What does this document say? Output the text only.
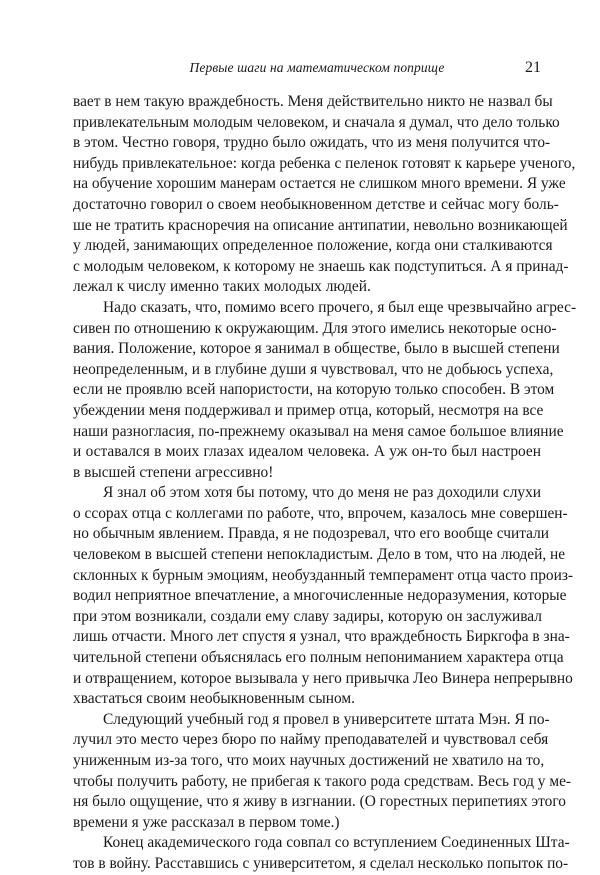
Первые шаги на математическом поприще	21

вает в нем такую враждебность. Меня действительно никто не назвал бы
привлекательным молодым человеком, и сначала я думал, что дело только
в этом. Честно говоря, трудно было ожидать, что из меня получится что-
нибудь привлекательное: когда ребенка с пеленок готовят к карьере ученого,
на обучение хорошим манерам остается не слишком много времени. Я уже
достаточно говорил о своем необыкновенном детстве и сейчас могу боль-
ше не тратить красноречия на описание антипатии, невольно возникающей
у людей, занимающих определенное положение, когда они сталкиваются
с молодым человеком, к которому не знаешь как подступиться. А я принад-
лежал к числу именно таких молодых людей.

Надо сказать, что, помимо всего прочего, я был еще чрезвычайно агрес-
сивен по отношению к окружающим. Для этого имелись некоторые осно-
вания. Положение, которое я занимал в обществе, было в высшей степени
неопределенным, и в глубине души я чувствовал, что не добьюсь успеха,
если не проявлю всей напористости, на которую только способен. В этом
убеждении меня поддерживал и пример отца, который, несмотря на все
наши разногласия, по-прежнему оказывал на меня самое большое влияние
и оставался в моих глазах идеалом человека. А уж он-то был настроен
в высшей степени агрессивно!

Я знал об этом хотя бы потому, что до меня не раз доходили слухи
о ссорах отца с коллегами по работе, что, впрочем, казалось мне совершен-
но обычным явлением. Правда, я не подозревал, что его вообще считали
человеком в высшей степени непокладистым. Дело в том, что на людей, не
склонных к бурным эмоциям, необузданный темперамент отца часто произ-
водил неприятное впечатление, а многочисленные недоразумения, которые
при этом возникали, создали ему славу задиры, которую он заслуживал
лишь отчасти. Много лет спустя я узнал, что враждебность Биркгофа в зна-
чительной степени объяснялась его полным непониманием характера отца
и отвращением, которое вызывала у него привычка Лео Винера непрерывно
хвастаться своим необыкновенным сыном.

Следующий учебный год я провел в университете штата Мэн. Я по-
лучил это место через бюро по найму преподавателей и чувствовал себя
униженным из-за того, что моих научных достижений не хватило на то,
чтобы получить работу, не прибегая к такого рода средствам. Весь год у ме-
ня было ощущение, что я живу в изгнании. (О горестных перипетиях этого
времени я уже рассказал в первом томе.)

Конец академического года совпал со вступлением Соединенных Шта-
тов в войну. Расставшись с университетом, я сделал несколько попыток по-
